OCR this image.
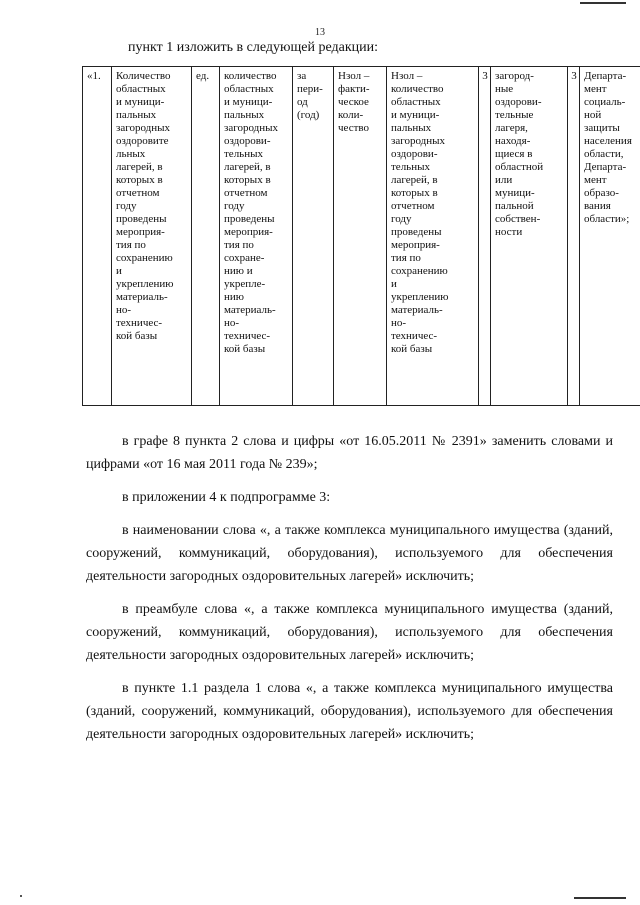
13
пункт 1 изложить в следующей редакции:
«1.	Количество
областных
и муници-
пальных
загородных
оздоровите
льных
лагерей, в
которых в
отчетном
году
проведены
мероприя-
тия по
сохранению
и
укреплению
материаль-
но-
техничес-
кой базы	ед.	количество
областных
и муници-
пальных
загородных
оздорови-
тельных
лагерей, в
которых в
отчетном
году
проведены
мероприя-
тия по
сохране-
нию и
укрепле-
нию
материаль-
но-
техничес-
кой базы	за
пери-
од
(год)	Нзол –
факти-
ческое
коли-
чество	Нзол –
количество
областных
и муници-
пальных
загородных
оздорови-
тельных
лагерей, в
которых в
отчетном
году
проведены
мероприя-
тия по
сохранению
и
укреплению
материаль-
но-
техничес-
кой базы	3	загород-
ные
оздорови-
тельные
лагеря,
находя-
щиеся в
областной
или
муници-
пальной
собствен-
ности	3	Департа-
мент
социаль-
ной
защиты
населения
области,
Департа-
мент
образо-
вания
области»;

в графе 8 пункта 2 слова и цифры «от 16.05.2011 № 2391» заменить словами и цифрами «от 16 мая 2011 года № 239»;

в приложении 4 к подпрограмме 3:

в наименовании слова «, а также комплекса муниципального имущества (зданий, сооружений, коммуникаций, оборудования), используемого для обеспечения деятельности загородных оздоровительных лагерей» исключить;

в преамбуле слова «, а также комплекса муниципального имущества (зданий, сооружений, коммуникаций, оборудования), используемого для обеспечения деятельности загородных оздоровительных лагерей» исключить;

в пункте 1.1 раздела 1 слова «, а также комплекса муниципального имущества (зданий, сооружений, коммуникаций, оборудования), используемого для обеспечения деятельности загородных оздоровительных лагерей» исключить;
